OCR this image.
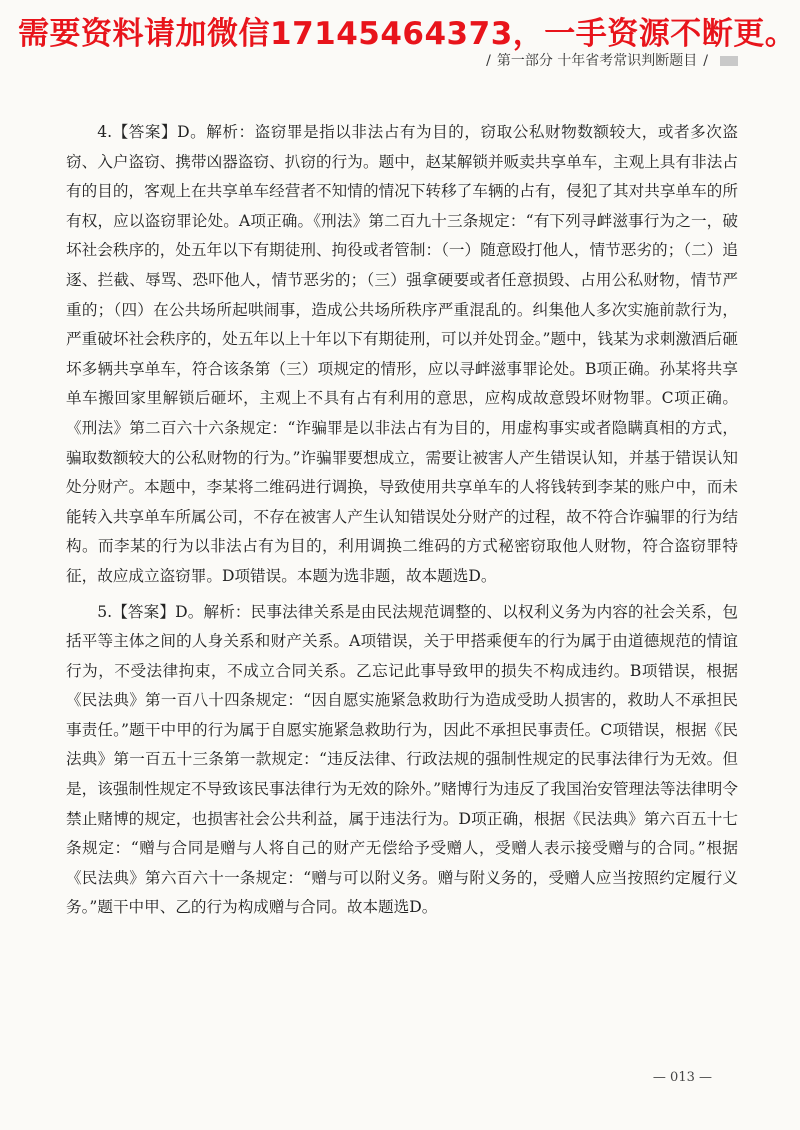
需要资料请加微信17145464373，一手资源不断更。
/ 第一部分 十年省考常识判断题目 /

4.【答案】D。解析：盗窃罪是指以非法占有为目的，窃取公私财物数额较大，或者多次盗窃、入户盗窃、携带凶器盗窃、扒窃的行为。题中，赵某解锁并贩卖共享单车，主观上具有非法占有的目的，客观上在共享单车经营者不知情的情况下转移了车辆的占有，侵犯了其对共享单车的所有权，应以盗窃罪论处。A项正确。《刑法》第二百九十三条规定：“有下列寻衅滋事行为之一，破坏社会秩序的，处五年以下有期徒刑、拘役或者管制：（一）随意殴打他人，情节恶劣的；（二）追逐、拦截、辱骂、恐吓他人，情节恶劣的；（三）强拿硬要或者任意损毁、占用公私财物，情节严重的；（四）在公共场所起哄闹事，造成公共场所秩序严重混乱的。纠集他人多次实施前款行为，严重破坏社会秩序的，处五年以上十年以下有期徒刑，可以并处罚金。”题中，钱某为求刺激酒后砸坏多辆共享单车，符合该条第（三）项规定的情形，应以寻衅滋事罪论处。B项正确。孙某将共享单车搬回家里解锁后砸坏，主观上不具有占有利用的意思，应构成故意毁坏财物罪。C项正确。《刑法》第二百六十六条规定：“诈骗罪是以非法占有为目的，用虚构事实或者隐瞒真相的方式，骗取数额较大的公私财物的行为。”诈骗罪要想成立，需要让被害人产生错误认知，并基于错误认知处分财产。本题中，李某将二维码进行调换，导致使用共享单车的人将钱转到李某的账户中，而未能转入共享单车所属公司，不存在被害人产生认知错误处分财产的过程，故不符合诈骗罪的行为结构。而李某的行为以非法占有为目的，利用调换二维码的方式秘密窃取他人财物，符合盗窃罪特征，故应成立盗窃罪。D项错误。本题为选非题，故本题选D。

5.【答案】D。解析：民事法律关系是由民法规范调整的、以权利义务为内容的社会关系，包括平等主体之间的人身关系和财产关系。A项错误，关于甲搭乘便车的行为属于由道德规范的情谊行为，不受法律拘束，不成立合同关系。乙忘记此事导致甲的损失不构成违约。B项错误，根据《民法典》第一百八十四条规定：“因自愿实施紧急救助行为造成受助人损害的，救助人不承担民事责任。”题干中甲的行为属于自愿实施紧急救助行为，因此不承担民事责任。C项错误，根据《民法典》第一百五十三条第一款规定：“违反法律、行政法规的强制性规定的民事法律行为无效。但是，该强制性规定不导致该民事法律行为无效的除外。”赌博行为违反了我国治安管理法等法律明令禁止赌博的规定，也损害社会公共利益，属于违法行为。D项正确，根据《民法典》第六百五十七条规定：“赠与合同是赠与人将自己的财产无偿给予受赠人，受赠人表示接受赠与的合同。”根据《民法典》第六百六十一条规定：“赠与可以附义务。赠与附义务的，受赠人应当按照约定履行义务。”题干中甲、乙的行为构成赠与合同。故本题选D。

— 013 —
